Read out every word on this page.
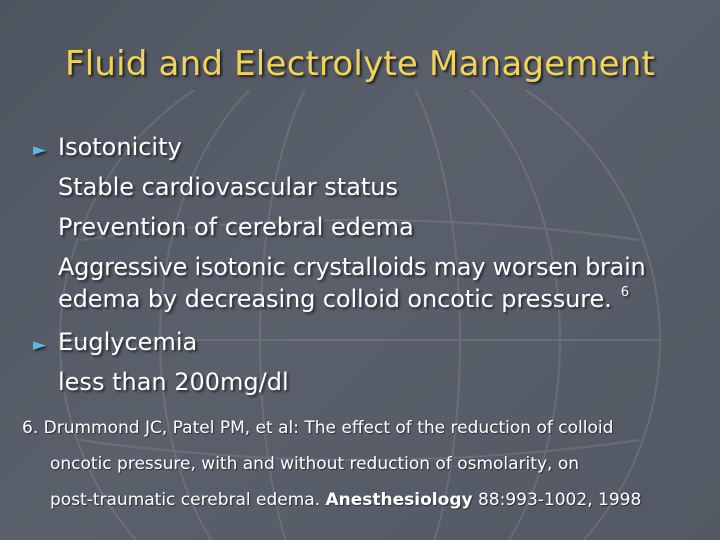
Fluid and Electrolyte Management
► Isotonicity
Stable cardiovascular status
Prevention of cerebral edema
Aggressive isotonic crystalloids may worsen brain
edema by decreasing colloid oncotic pressure. $^6$
► Euglycemia
less than 200mg/dl
6. Drummond JC, Patel PM, et al: The effect of the reduction of colloid
oncotic pressure, with and without reduction of osmolarity, on
post-traumatic cerebral edema. Anesthesiology 88:993-1002, 1998
